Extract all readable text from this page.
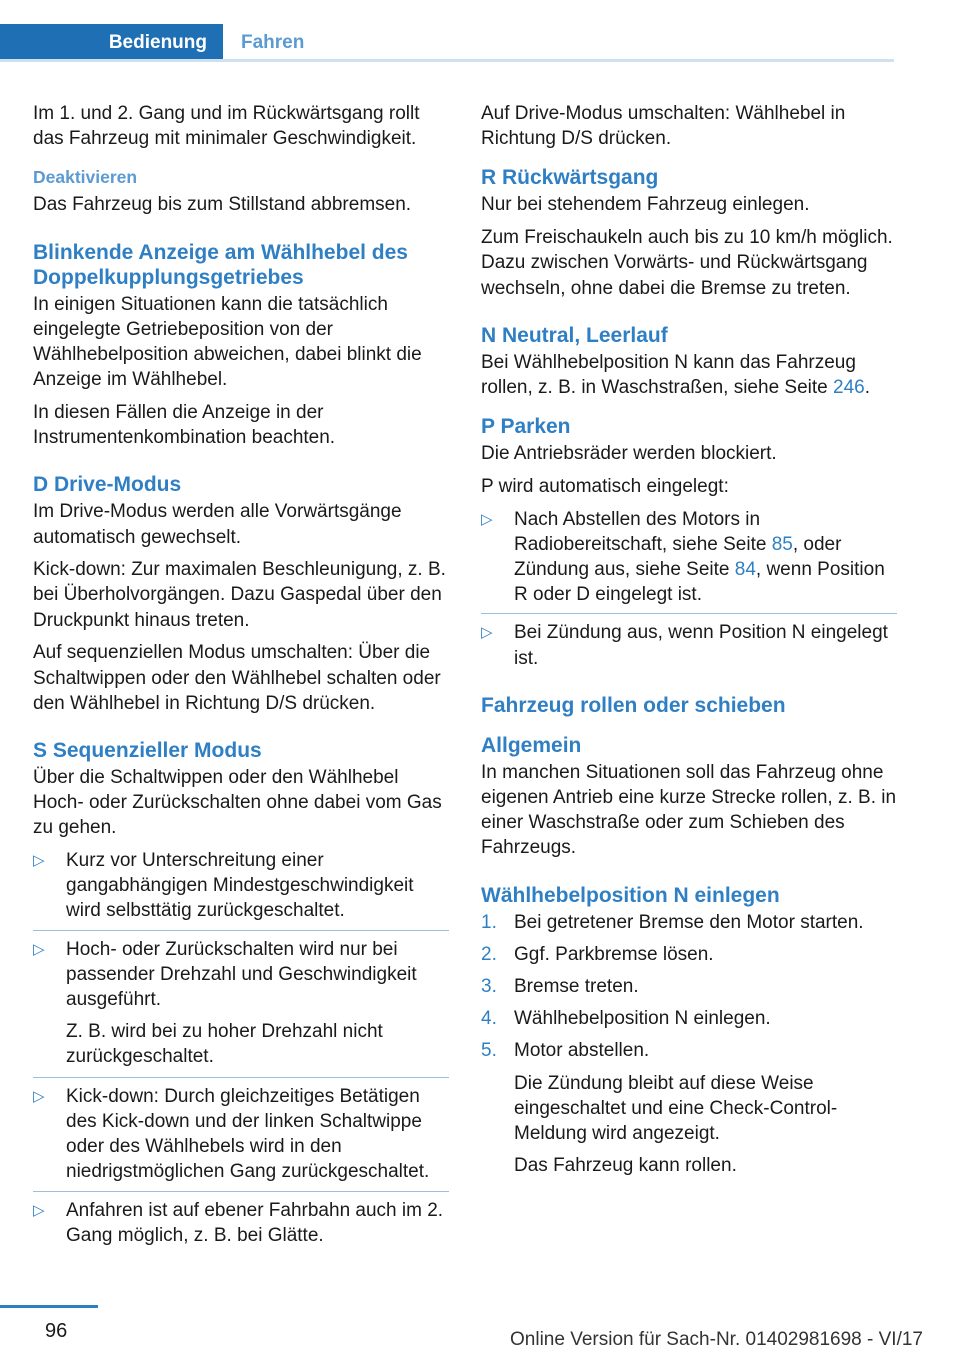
Bedienung	Fahren

Im 1. und 2. Gang und im Rückwärtsgang rollt das Fahrzeug mit minimaler Geschwindigkeit.

Deaktivieren

Das Fahrzeug bis zum Stillstand abbremsen.

Blinkende Anzeige am Wählhebel des Doppelkupplungsgetriebes

In einigen Situationen kann die tatsächlich eingelegte Getriebeposition von der Wählhebelposition abweichen, dabei blinkt die Anzeige im Wählhebel.

In diesen Fällen die Anzeige in der Instrumentenkombination beachten.

D Drive-Modus

Im Drive-Modus werden alle Vorwärtsgänge automatisch gewechselt.

Kick-down: Zur maximalen Beschleunigung, z. B. bei Überholvorgängen. Dazu Gaspedal über den Druckpunkt hinaus treten.

Auf sequenziellen Modus umschalten: Über die Schaltwippen oder den Wählhebel schalten oder den Wählhebel in Richtung D/S drücken.

S Sequenzieller Modus

Über die Schaltwippen oder den Wählhebel Hoch- oder Zurückschalten ohne dabei vom Gas zu gehen.

▷ Kurz vor Unterschreitung einer gangabhängigen Mindestgeschwindigkeit wird selbsttätig zurückgeschaltet.
▷ Hoch- oder Zurückschalten wird nur bei passender Drehzahl und Geschwindigkeit ausgeführt.
Z. B. wird bei zu hoher Drehzahl nicht zurückgeschaltet.
▷ Kick-down: Durch gleichzeitiges Betätigen des Kick-down und der linken Schaltwippe oder des Wählhebels wird in den niedrigstmöglichen Gang zurückgeschaltet.
▷ Anfahren ist auf ebener Fahrbahn auch im 2. Gang möglich, z. B. bei Glätte.

Auf Drive-Modus umschalten: Wählhebel in Richtung D/S drücken.

R Rückwärtsgang

Nur bei stehendem Fahrzeug einlegen.

Zum Freischaukeln auch bis zu 10 km/h möglich. Dazu zwischen Vorwärts- und Rückwärtsgang wechseln, ohne dabei die Bremse zu treten.

N Neutral, Leerlauf

Bei Wählhebelposition N kann das Fahrzeug rollen, z. B. in Waschstraßen, siehe Seite 246.

P Parken

Die Antriebsräder werden blockiert.

P wird automatisch eingelegt:

▷ Nach Abstellen des Motors in Radiobereitschaft, siehe Seite 85, oder Zündung aus, siehe Seite 84, wenn Position R oder D eingelegt ist.
▷ Bei Zündung aus, wenn Position N eingelegt ist.
Fahrzeug rollen oder schieben
Allgemein

In manchen Situationen soll das Fahrzeug ohne eigenen Antrieb eine kurze Strecke rollen, z. B. in einer Waschstraße oder zum Schieben des Fahrzeugs.

Wählhebelposition N einlegen
1. Bei getretener Bremse den Motor starten.
2. Ggf. Parkbremse lösen.
3. Bremse treten.
4. Wählhebelposition N einlegen.
5. Motor abstellen.
Die Zündung bleibt auf diese Weise eingeschaltet und eine Check-Control-Meldung wird angezeigt.
Das Fahrzeug kann rollen.
96	Online Version für Sach-Nr. 01402981698 - VI/17
